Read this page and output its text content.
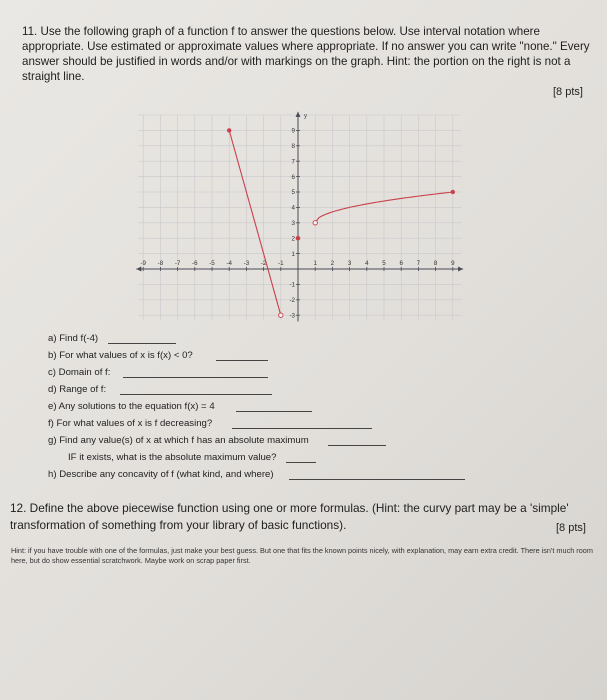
11. Use the following graph of a function f to answer the questions below. Use interval notation where appropriate. Use estimated or approximate values where appropriate. If no answer you can write "none." Every answer should be justified in words and/or with markings on the graph. Hint: the portion on the right is not a straight line.
[8 pts]
y
-9 -8 -7 -6 -5 -4 -3 -2 -1	1 2 3 4 5 6 7 8 9
9
8
7
6
5
4
3
2
1
-1
-2
-3
a) Find f(-4)
b) For what values of x is f(x) < 0?
c) Domain of f:
d) Range of f:
e) Any solutions to the equation f(x) = 4
f) For what values of x is f decreasing?
g) Find any value(s) of x at which f has an absolute maximum
IF it exists, what is the absolute maximum value?
h) Describe any concavity of f (what kind, and where)
12. Define the above piecewise function using one or more formulas. (Hint: the curvy part may be a 'simple' transformation of something from your library of basic functions).	[8 pts]
Hint: if you have trouble with one of the formulas, just make your best guess. But one that fits the known points nicely, with explanation, may earn extra credit. There isn't much room here, but do show essential scratchwork. Maybe work on scrap paper first.
